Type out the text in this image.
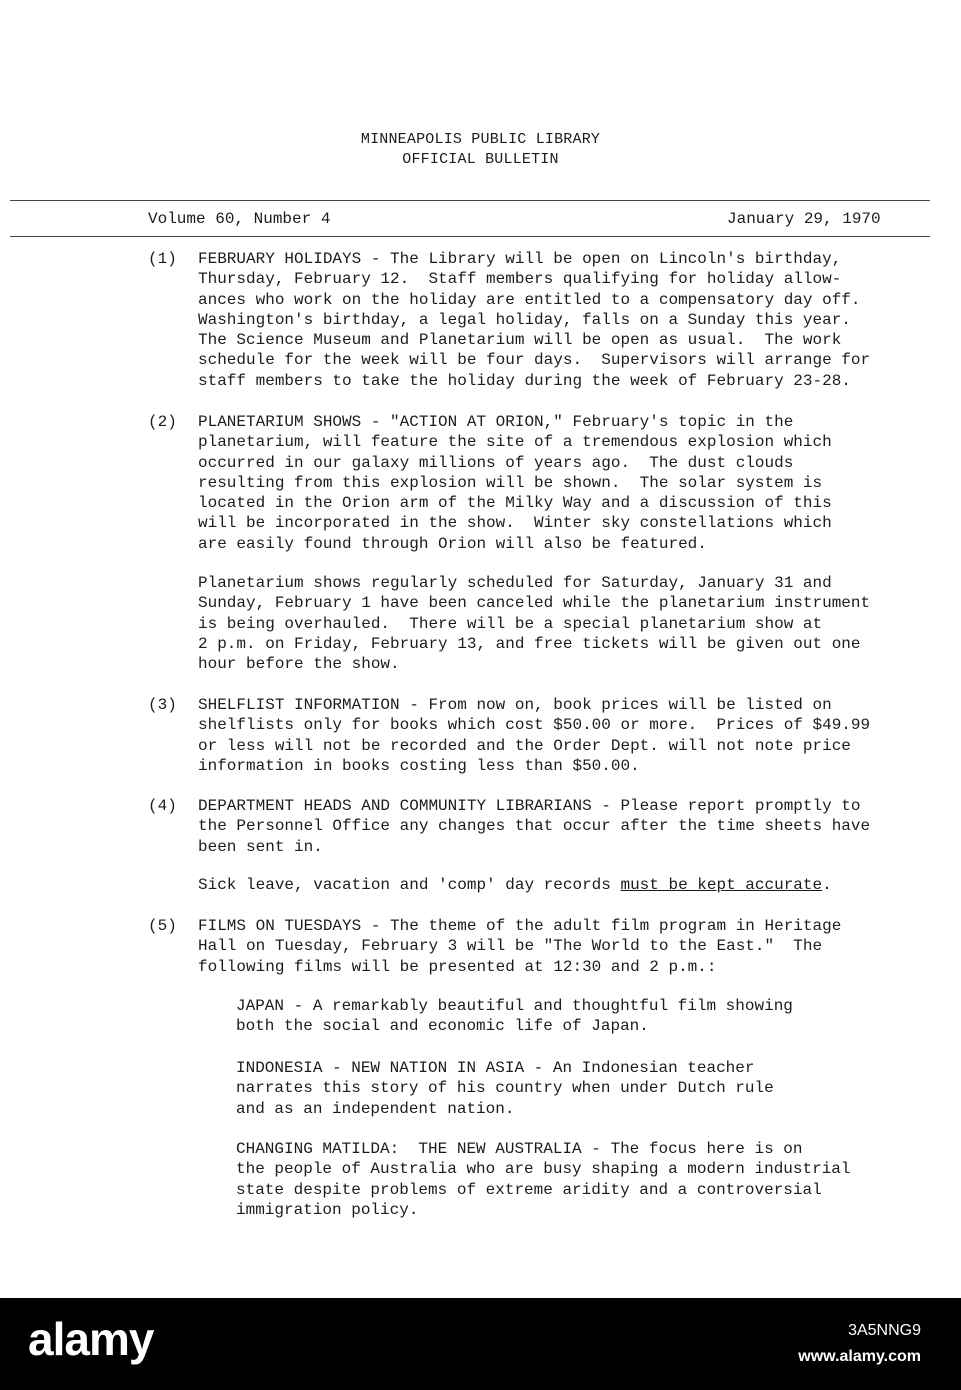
MINNEAPOLIS PUBLIC LIBRARY
OFFICIAL BULLETIN
Volume 60, Number 4	January 29, 1970
(1) FEBRUARY HOLIDAYS - The Library will be open on Lincoln's birthday,
Thursday, February 12.  Staff members qualifying for holiday allow-
ances who work on the holiday are entitled to a compensatory day off.
Washington's birthday, a legal holiday, falls on a Sunday this year.
The Science Museum and Planetarium will be open as usual.  The work
schedule for the week will be four days.  Supervisors will arrange for
staff members to take the holiday during the week of February 23-28.
(2) PLANETARIUM SHOWS - "ACTION AT ORION," February's topic in the
planetarium, will feature the site of a tremendous explosion which
occurred in our galaxy millions of years ago.  The dust clouds
resulting from this explosion will be shown.  The solar system is
located in the Orion arm of the Milky Way and a discussion of this
will be incorporated in the show.  Winter sky constellations which
are easily found through Orion will also be featured.
Planetarium shows regularly scheduled for Saturday, January 31 and
Sunday, February 1 have been canceled while the planetarium instrument
is being overhauled.  There will be a special planetarium show at
2 p.m. on Friday, February 13, and free tickets will be given out one
hour before the show.
(3) SHELFLIST INFORMATION - From now on, book prices will be listed on
shelflists only for books which cost $50.00 or more.  Prices of $49.99
or less will not be recorded and the Order Dept. will not note price
information in books costing less than $50.00.
(4) DEPARTMENT HEADS AND COMMUNITY LIBRARIANS - Please report promptly to
the Personnel Office any changes that occur after the time sheets have
been sent in.
Sick leave, vacation and 'comp' day records must be kept accurate.
(5) FILMS ON TUESDAYS - The theme of the adult film program in Heritage
Hall on Tuesday, February 3 will be "The World to the East."  The
following films will be presented at 12:30 and 2 p.m.:
JAPAN - A remarkably beautiful and thoughtful film showing
both the social and economic life of Japan.
INDONESIA - NEW NATION IN ASIA - An Indonesian teacher
narrates this story of his country when under Dutch rule
and as an independent nation.
CHANGING MATILDA:  THE NEW AUSTRALIA - The focus here is on
the people of Australia who are busy shaping a modern industrial
state despite problems of extreme aridity and a controversial
immigration policy.
alamy	3A5NNG9
www.alamy.com
